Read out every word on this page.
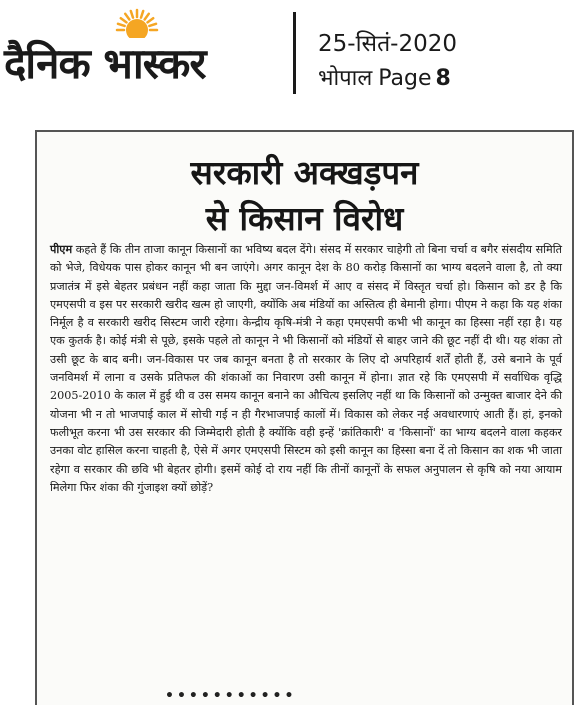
दैनिक भास्कर	25-सितं-2020
भोपाल Page 8
सरकारी अक्खड़पन
से किसान विरोध
पीएम कहते हैं कि तीन ताजा कानून किसानों का भविष्य बदल देंगे। संसद में सरकार चाहेगी तो बिना चर्चा व बगैर संसदीय समिति को भेजे, विधेयक पास होकर कानून भी बन जाएंगे। अगर कानून देश के 80 करोड़ किसानों का भाग्य बदलने वाला है, तो क्या प्रजातंत्र में इसे बेहतर प्रबंधन नहीं कहा जाता कि मुद्दा जन-विमर्श में आए व संसद में विस्तृत चर्चा हो। किसान को डर है कि एमएसपी व इस पर सरकारी खरीद खत्म हो जाएगी, क्योंकि अब मंडियों का अस्तित्व ही बेमानी होगा। पीएम ने कहा कि यह शंका निर्मूल है व सरकारी खरीद सिस्टम जारी रहेगा। केन्द्रीय कृषि-मंत्री ने कहा एमएसपी कभी भी कानून का हिस्सा नहीं रहा है। यह एक कुतर्क है। कोई मंत्री से पूछे, इसके पहले तो कानून ने भी किसानों को मंडियों से बाहर जाने की छूट नहीं दी थी। यह शंका तो उसी छूट के बाद बनी। जन-विकास पर जब कानून बनता है तो सरकार के लिए दो अपरिहार्य शर्तें होती हैं, उसे बनाने के पूर्व जनविमर्श में लाना व उसके प्रतिफल की शंकाओं का निवारण उसी कानून में होना। ज्ञात रहे कि एमएसपी में सर्वाधिक वृद्धि 2005-2010 के काल में हुई थी व उस समय कानून बनाने का औचित्य इसलिए नहीं था कि किसानों को उन्मुक्त बाजार देने की योजना भी न तो भाजपाई काल में सोची गई न ही गैरभाजपाई कालों में। विकास को लेकर नई अवधारणाएं आती हैं। हां, इनको फलीभूत करना भी उस सरकार की जिम्मेदारी होती है क्योंकि वही इन्हें 'क्रांतिकारी' व 'किसानों' का भाग्य बदलने वाला कहकर उनका वोट हासिल करना चाहती है, ऐसे में अगर एमएसपी सिस्टम को इसी कानून का हिस्सा बना दें तो किसान का शक भी जाता रहेगा व सरकार की छवि भी बेहतर होगी। इसमें कोई दो राय नहीं कि तीनों कानूनों के सफल अनुपालन से कृषि को नया आयाम मिलेगा फिर शंका की गुंजाइश क्यों छोड़ें?
•••••••••••
